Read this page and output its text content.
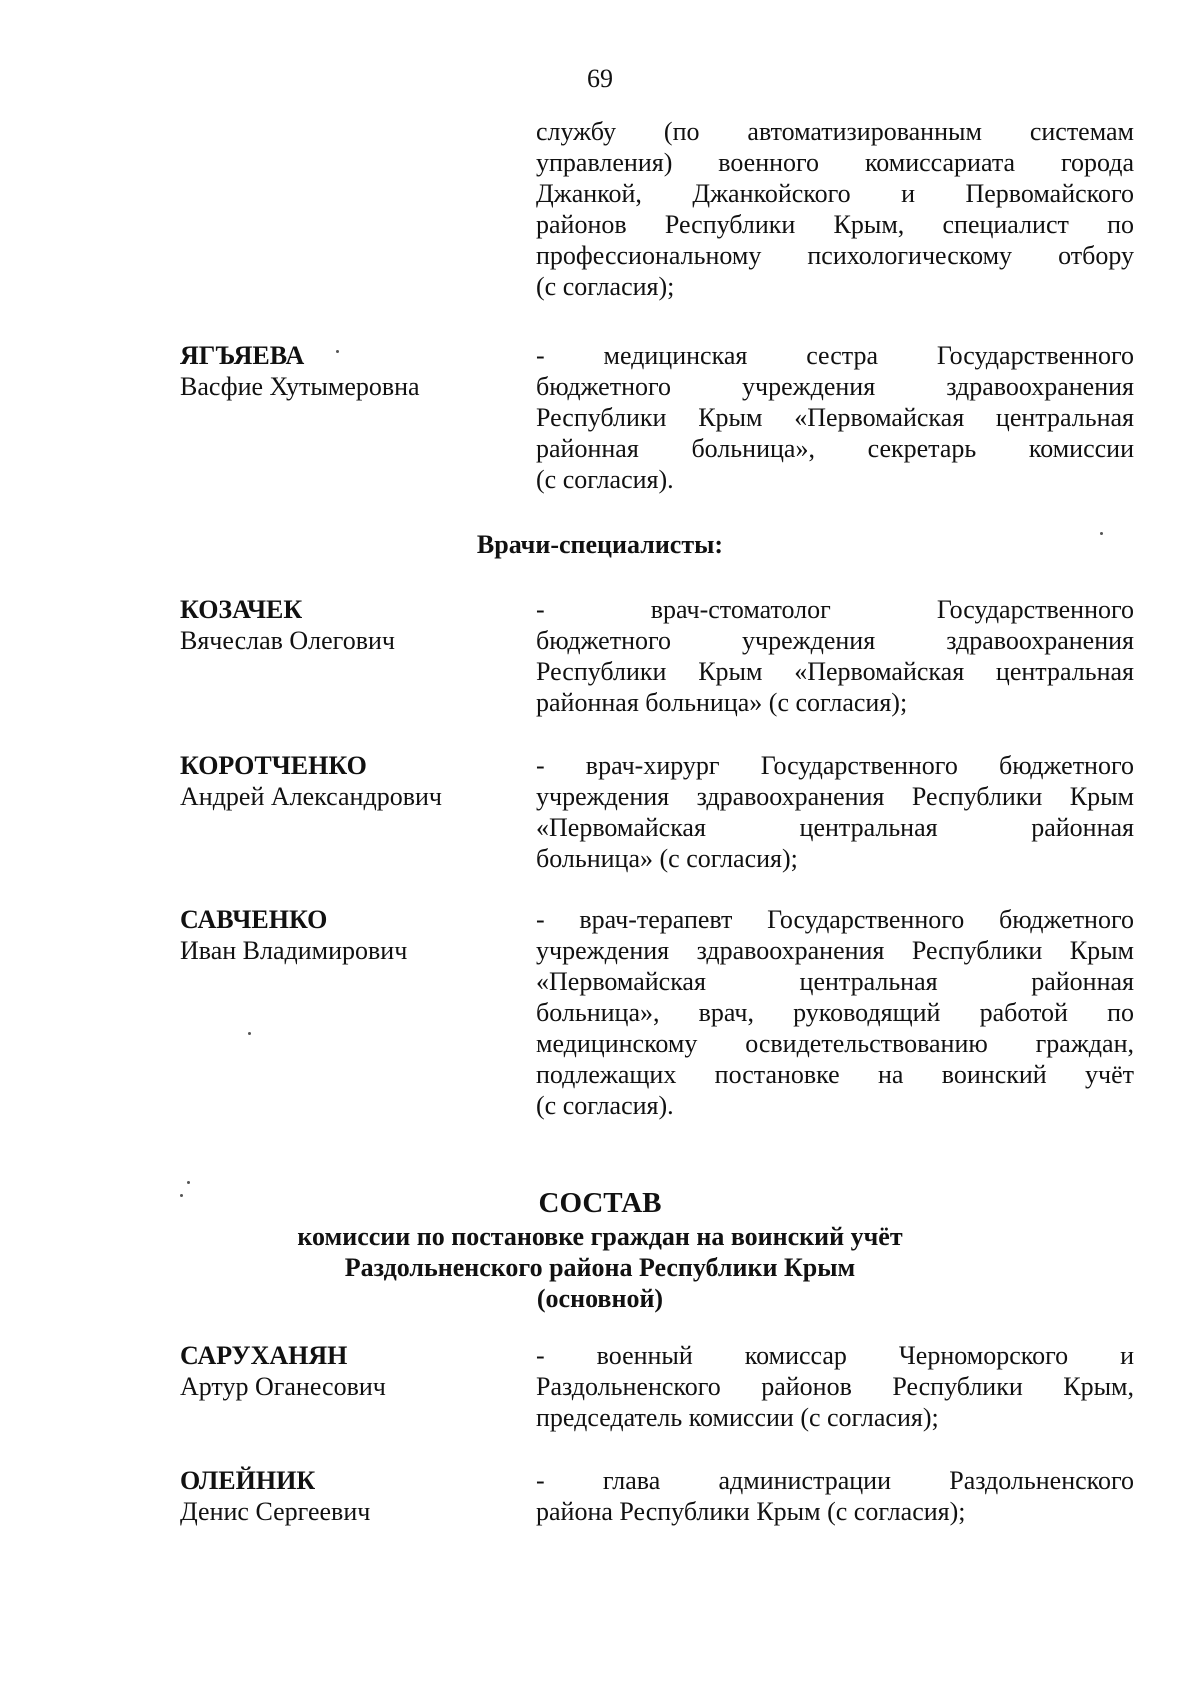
69
службу (по автоматизированным системам
управления) военного комиссариата города
Джанкой, Джанкойского и Первомайского
районов Республики Крым, специалист по
профессиональному психологическому отбору
(с согласия);
ЯГЪЯЕВА
Васфие Хутымеровна
- медицинская сестра Государственного
бюджетного учреждения здравоохранения
Республики Крым «Первомайская центральная
районная больница», секретарь комиссии
(с согласия).
Врачи-специалисты:
КОЗАЧЕК
Вячеслав Олегович
- врач-стоматолог Государственного
бюджетного учреждения здравоохранения
Республики Крым «Первомайская центральная
районная больница» (с согласия);
КОРОТЧЕНКО
Андрей Александрович
- врач-хирург Государственного бюджетного
учреждения здравоохранения Республики Крым
«Первомайская центральная районная
больница» (с согласия);
САВЧЕНКО
Иван Владимирович
- врач-терапевт Государственного бюджетного
учреждения здравоохранения Республики Крым
«Первомайская центральная районная
больница», врач, руководящий работой по
медицинскому освидетельствованию граждан,
подлежащих постановке на воинский учёт
(с согласия).
СОСТАВ
комиссии по постановке граждан на воинский учёт
Раздольненского района Республики Крым
(основной)
САРУХАНЯН
Артур Оганесович
- военный комиссар Черноморского и
Раздольненского районов Республики Крым,
председатель комиссии (с согласия);
ОЛЕЙНИК
Денис Сергеевич
- глава администрации Раздольненского
района Республики Крым (с согласия);
